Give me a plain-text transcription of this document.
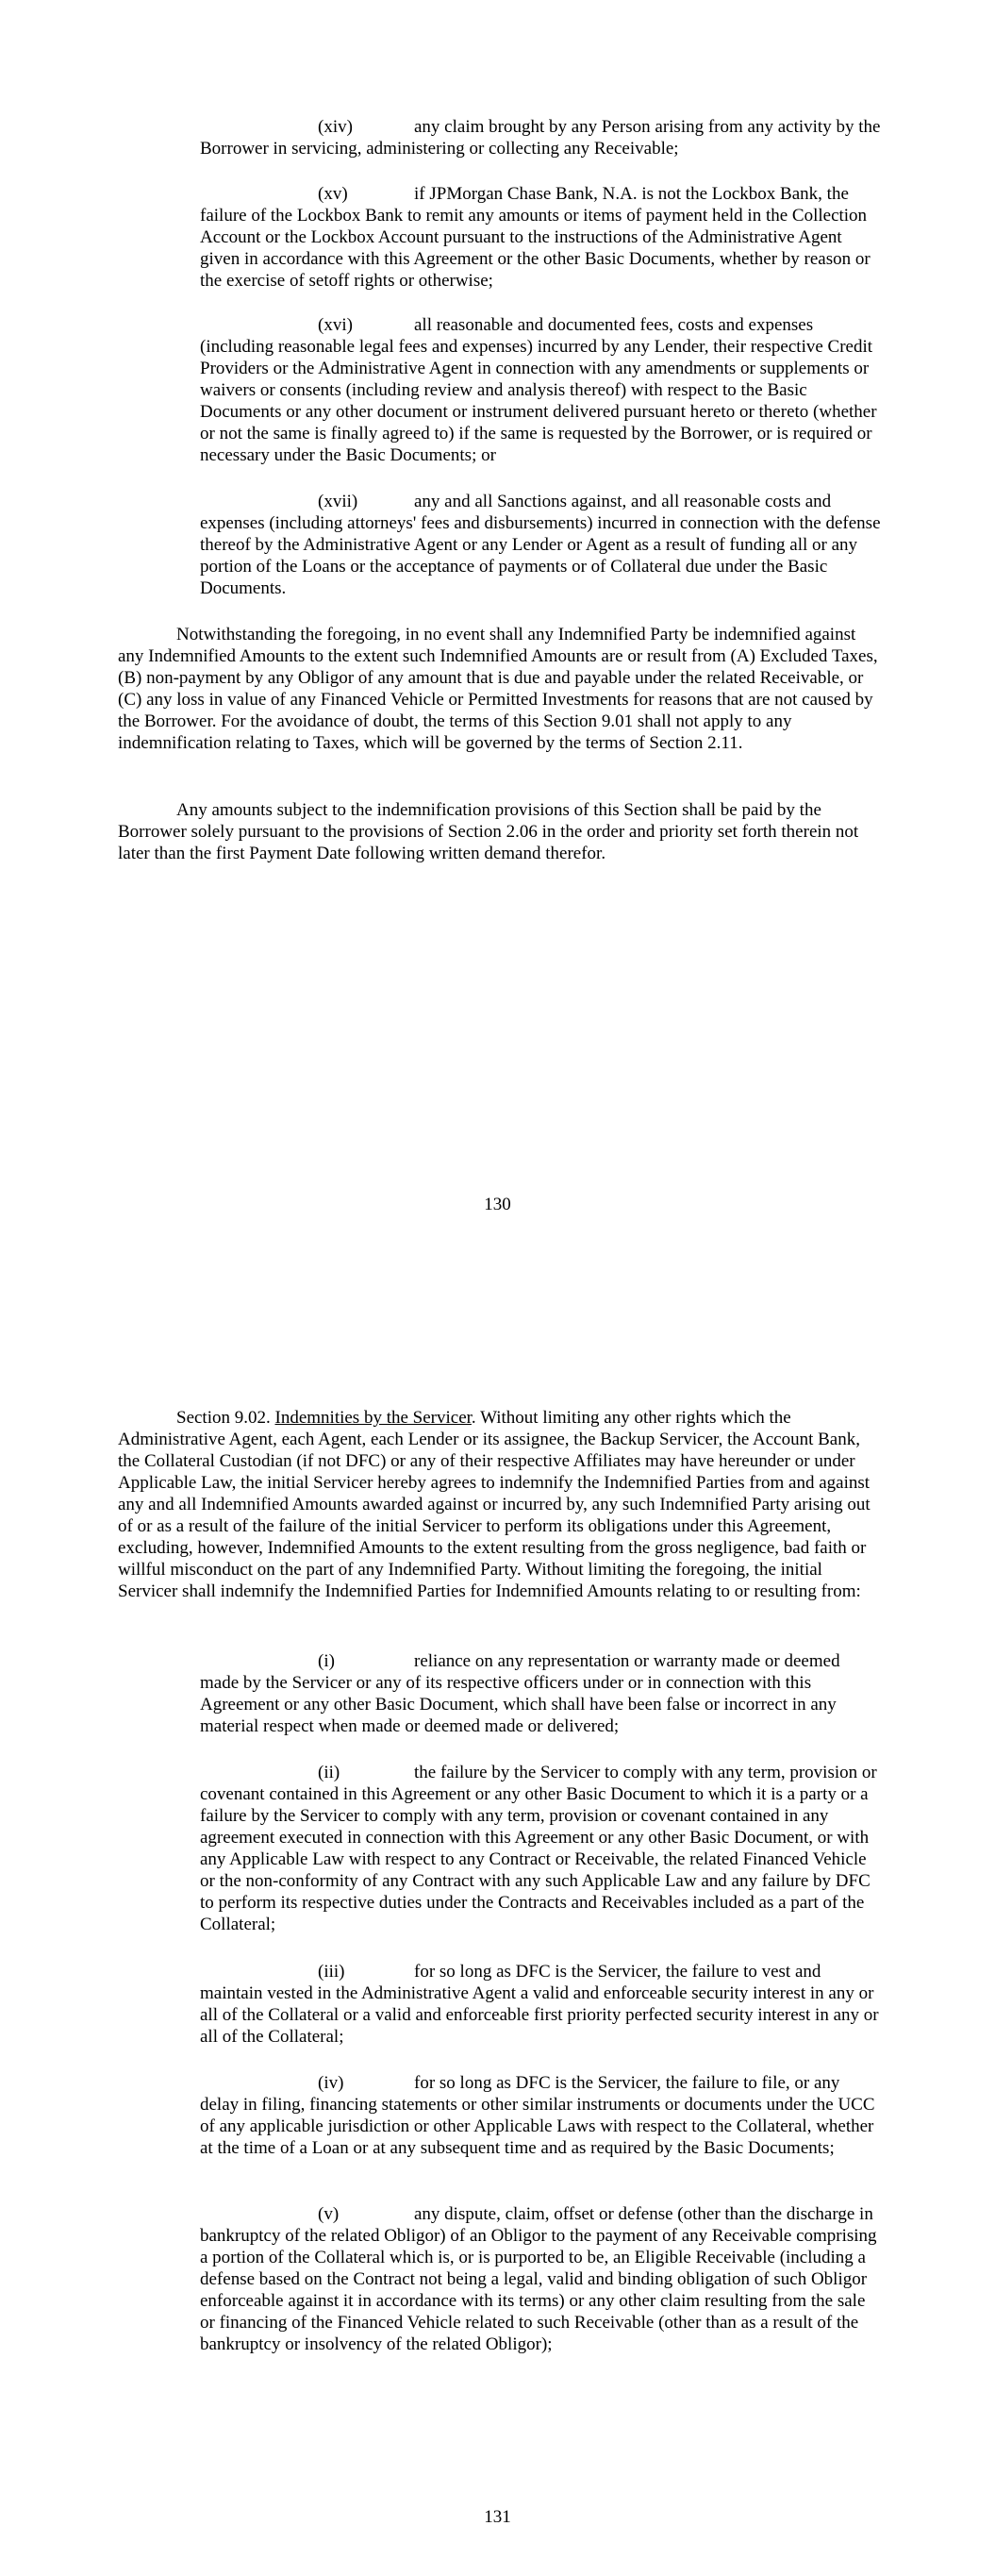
(xiv)	any claim brought by any Person arising from any activity by the Borrower in servicing, administering or collecting any Receivable;

(xv)	if JPMorgan Chase Bank, N.A. is not the Lockbox Bank, the failure of the Lockbox Bank to remit any amounts or items of payment held in the Collection Account or the Lockbox Account pursuant to the instructions of the Administrative Agent given in accordance with this Agreement or the other Basic Documents, whether by reason or the exercise of setoff rights or otherwise;

(xvi)	all reasonable and documented fees, costs and expenses (including reasonable legal fees and expenses) incurred by any Lender, their respective Credit Providers or the Administrative Agent in connection with any amendments or supplements or waivers or consents (including review and analysis thereof) with respect to the Basic Documents or any other document or instrument delivered pursuant hereto or thereto (whether or not the same is finally agreed to) if the same is requested by the Borrower, or is required or necessary under the Basic Documents; or

(xvii)	any and all Sanctions against, and all reasonable costs and expenses (including attorneys' fees and disbursements) incurred in connection with the defense thereof by the Administrative Agent or any Lender or Agent as a result of funding all or any portion of the Loans or the acceptance of payments or of Collateral due under the Basic Documents.

Notwithstanding the foregoing, in no event shall any Indemnified Party be indemnified against any Indemnified Amounts to the extent such Indemnified Amounts are or result from (A) Excluded Taxes, (B) non-payment by any Obligor of any amount that is due and payable under the related Receivable, or (C) any loss in value of any Financed Vehicle or Permitted Investments for reasons that are not caused by the Borrower. For the avoidance of doubt, the terms of this Section 9.01 shall not apply to any indemnification relating to Taxes, which will be governed by the terms of Section 2.11.

Any amounts subject to the indemnification provisions of this Section shall be paid by the Borrower solely pursuant to the provisions of Section 2.06 in the order and priority set forth therein not later than the first Payment Date following written demand therefor.

130

Section 9.02. Indemnities by the Servicer. Without limiting any other rights which the Administrative Agent, each Agent, each Lender or its assignee, the Backup Servicer, the Account Bank, the Collateral Custodian (if not DFC) or any of their respective Affiliates may have hereunder or under Applicable Law, the initial Servicer hereby agrees to indemnify the Indemnified Parties from and against any and all Indemnified Amounts awarded against or incurred by, any such Indemnified Party arising out of or as a result of the failure of the initial Servicer to perform its obligations under this Agreement, excluding, however, Indemnified Amounts to the extent resulting from the gross negligence, bad faith or willful misconduct on the part of any Indemnified Party. Without limiting the foregoing, the initial Servicer shall indemnify the Indemnified Parties for Indemnified Amounts relating to or resulting from:

(i)	reliance on any representation or warranty made or deemed made by the Servicer or any of its respective officers under or in connection with this Agreement or any other Basic Document, which shall have been false or incorrect in any material respect when made or deemed made or delivered;

(ii)	the failure by the Servicer to comply with any term, provision or covenant contained in this Agreement or any other Basic Document to which it is a party or a failure by the Servicer to comply with any term, provision or covenant contained in any agreement executed in connection with this Agreement or any other Basic Document, or with any Applicable Law with respect to any Contract or Receivable, the related Financed Vehicle or the non-conformity of any Contract with any such Applicable Law and any failure by DFC to perform its respective duties under the Contracts and Receivables included as a part of the Collateral;

(iii)	for so long as DFC is the Servicer, the failure to vest and maintain vested in the Administrative Agent a valid and enforceable security interest in any or all of the Collateral or a valid and enforceable first priority perfected security interest in any or all of the Collateral;

(iv)	for so long as DFC is the Servicer, the failure to file, or any delay in filing, financing statements or other similar instruments or documents under the UCC of any applicable jurisdiction or other Applicable Laws with respect to the Collateral, whether at the time of a Loan or at any subsequent time and as required by the Basic Documents;

(v)	any dispute, claim, offset or defense (other than the discharge in bankruptcy of the related Obligor) of an Obligor to the payment of any Receivable comprising a portion of the Collateral which is, or is purported to be, an Eligible Receivable (including a defense based on the Contract not being a legal, valid and binding obligation of such Obligor enforceable against it in accordance with its terms) or any other claim resulting from the sale or financing of the Financed Vehicle related to such Receivable (other than as a result of the bankruptcy or insolvency of the related Obligor);

131
